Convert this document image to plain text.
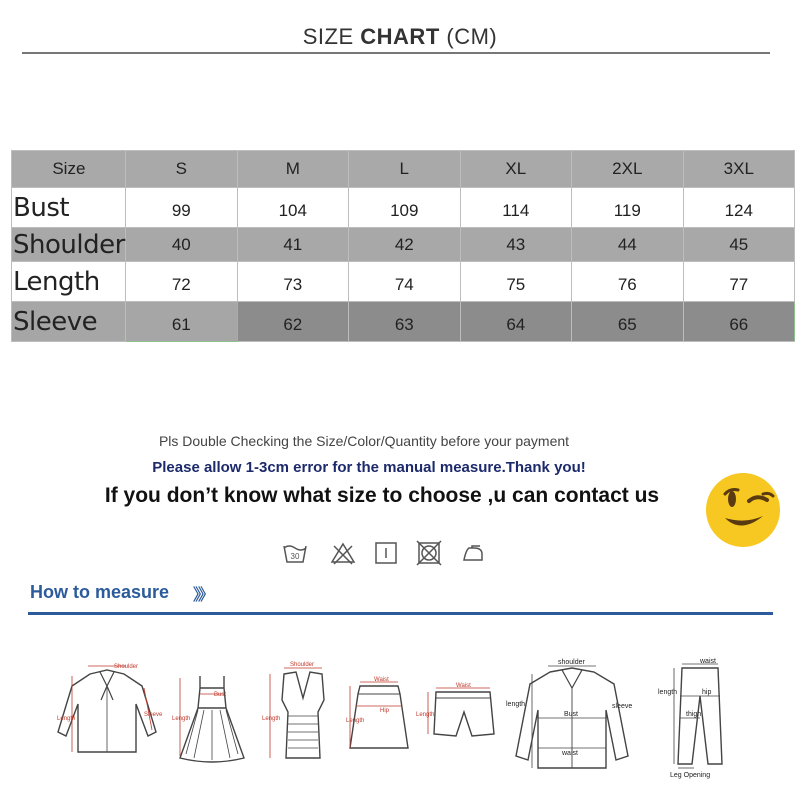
SIZE CHART (CM)
Size	S	M	L	XL	2XL	3XL
Bust	99	104	109	114	119	124
Shoulder	40	41	42	43	44	45
Length	72	73	74	75	76	77
Sleeve	61	62	63	64	65	66
Pls Double Checking the Size/Color/Quantity before your payment
Please allow 1-3cm error for the manual measure.Thank you!
If you don’t know what size to choose ,u can contact us
30
How to measure 》》
Shoulder
Length
Sleeve
Bust
Length
Shoulder
Length
Waist
Hip
Length
Waist
Length
shoulder
length	sleeve
Bust
waist
waist
length	hip
thigh
Leg Opening
